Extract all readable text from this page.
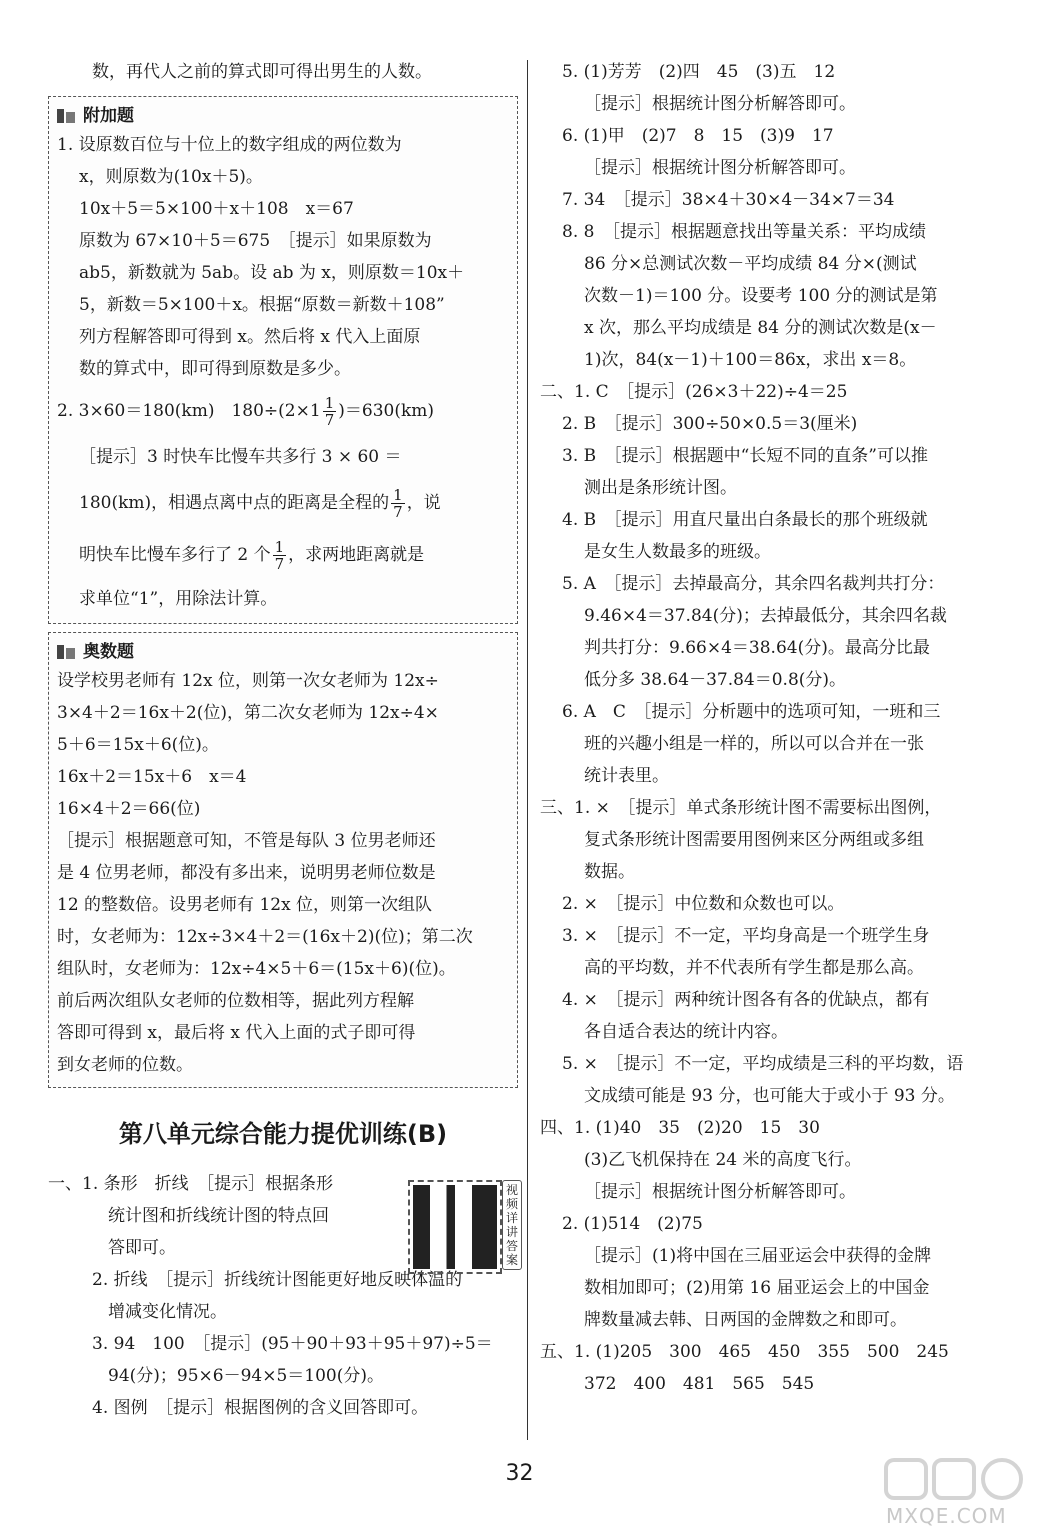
数，再代人之前的算式即可得出男生的人数。
附加题
1. 设原数百位与十位上的数字组成的两位数为
x，则原数为(10x＋5)。
10x＋5＝5×100＋x＋108　x＝67
原数为 67×10＋5＝675　［提示］如果原数为
ab5，新数就为 5ab。设 ab 为 x，则原数＝10x＋
5，新数＝5×100＋x。根据“原数＝新数＋108”
列方程解答即可得到 x。然后将 x 代入上面原
数的算式中，即可得到原数是多少。
2. 3×60＝180(km)　$180\div(2\times 1 \frac{1}{7} )=630(km)$
［提示］3 时快车比慢车共多行 3 × 60 ＝
180(km)，相遇点离中点的距离是全程的 $\frac{1}{7}$ ，说
明快车比慢车多行了 2 个 $\frac{1}{7}$ ，求两地距离就是
求单位“1”，用除法计算。
奥数题
设学校男老师有 12x 位，则第一次女老师为 12x÷
3×4＋2＝16x＋2(位)，第二次女老师为 12x÷4×
5＋6＝15x＋6(位)。
16x＋2＝15x＋6　x＝4
16×4＋2＝66(位)
［提示］根据题意可知，不管是每队 3 位男老师还
是 4 位男老师，都没有多出来，说明男老师位数是
12 的整数倍。设男老师有 12x 位，则第一次组队
时，女老师为：12x÷3×4＋2＝(16x＋2)(位)；第二次
组队时，女老师为：12x÷4×5＋6＝(15x＋6)(位)。
前后两次组队女老师的位数相等，据此列方程解
答即可得到 x，最后将 x 代入上面的式子即可得
到女老师的位数。
第八单元综合能力提优训练(B)
一、1. 条形　折线　［提示］根据条形
统计图和折线统计图的特点回
答即可。
2. 折线　［提示］折线统计图能更好地反映体温的
增减变化情况。
3. 94　100　［提示］(95＋90＋93＋95＋97)÷5＝
94(分)；95×6－94×5＝100(分)。
4. 图例　［提示］根据图例的含义回答即可。
视频详讲答案
5. (1)芳芳　(2)四　45　(3)五　12
［提示］根据统计图分析解答即可。
6. (1)甲　(2)7　8　15　(3)9　17
［提示］根据统计图分析解答即可。
7. 34　［提示］38×4＋30×4－34×7＝34
8. 8　［提示］根据题意找出等量关系：平均成绩
86 分×总测试次数－平均成绩 84 分×(测试
次数－1)＝100 分。设要考 100 分的测试是第
x 次，那么平均成绩是 84 分的测试次数是(x－
1)次，84(x－1)＋100＝86x，求出 x＝8。
二、1. C　［提示］(26×3＋22)÷4＝25
2. B　［提示］300÷50×0.5＝3(厘米)
3. B　［提示］根据题中“长短不同的直条”可以推
测出是条形统计图。
4. B　［提示］用直尺量出白条最长的那个班级就
是女生人数最多的班级。
5. A　［提示］去掉最高分，其余四名裁判共打分：
9.46×4＝37.84(分)；去掉最低分，其余四名裁
判共打分：9.66×4＝38.64(分)。最高分比最
低分多 38.64－37.84＝0.8(分)。
6. A　C　［提示］分析题中的选项可知，一班和三
班的兴趣小组是一样的，所以可以合并在一张
统计表里。
三、1. ×　［提示］单式条形统计图不需要标出图例，
复式条形统计图需要用图例来区分两组或多组
数据。
2. ×　［提示］中位数和众数也可以。
3. ×　［提示］不一定，平均身高是一个班学生身
高的平均数，并不代表所有学生都是那么高。
4. ×　［提示］两种统计图各有各的优缺点，都有
各自适合表达的统计内容。
5. ×　［提示］不一定，平均成绩是三科的平均数，语
文成绩可能是 93 分，也可能大于或小于 93 分。
四、1. (1)40　35　(2)20　15　30
(3)乙飞机保持在 24 米的高度飞行。
［提示］根据统计图分析解答即可。
2. (1)514　(2)75
［提示］(1)将中国在三届亚运会中获得的金牌
数相加即可；(2)用第 16 届亚运会上的中国金
牌数量减去韩、日两国的金牌数之和即可。
五、1. (1)205　300　465　450　355　500　245
372　400　481　565　545
32
MXQE.COM
